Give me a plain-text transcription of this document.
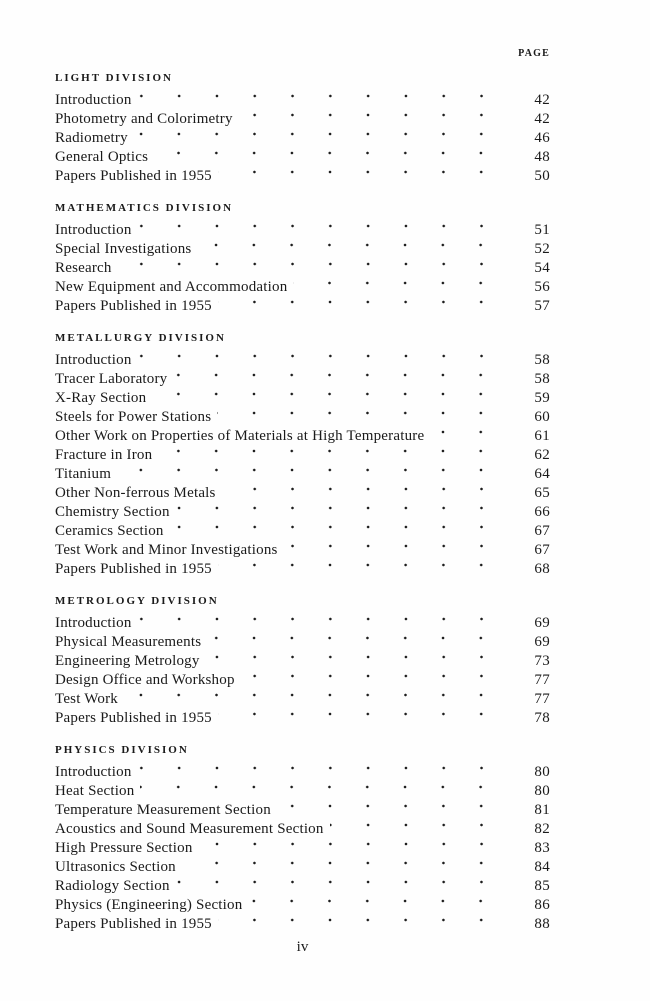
PAGE
LIGHT DIVISION
Introduction	42
Photometry and Colorimetry	42
Radiometry	46
General Optics	48
Papers Published in 1955	50
MATHEMATICS DIVISION
Introduction	51
Special Investigations	52
Research	54
New Equipment and Accommodation	56
Papers Published in 1955	57
METALLURGY DIVISION
Introduction	58
Tracer Laboratory	58
X-Ray Section	59
Steels for Power Stations	60
Other Work on Properties of Materials at High Temperature	61
Fracture in Iron	62
Titanium	64
Other Non-ferrous Metals	65
Chemistry Section	66
Ceramics Section	67
Test Work and Minor Investigations	67
Papers Published in 1955	68
METROLOGY DIVISION
Introduction	69
Physical Measurements	69
Engineering Metrology	73
Design Office and Workshop	77
Test Work	77
Papers Published in 1955	78
PHYSICS DIVISION
Introduction	80
Heat Section	80
Temperature Measurement Section	81
Acoustics and Sound Measurement Section	82
High Pressure Section	83
Ultrasonics Section	84
Radiology Section	85
Physics (Engineering) Section	86
Papers Published in 1955	88
iv
